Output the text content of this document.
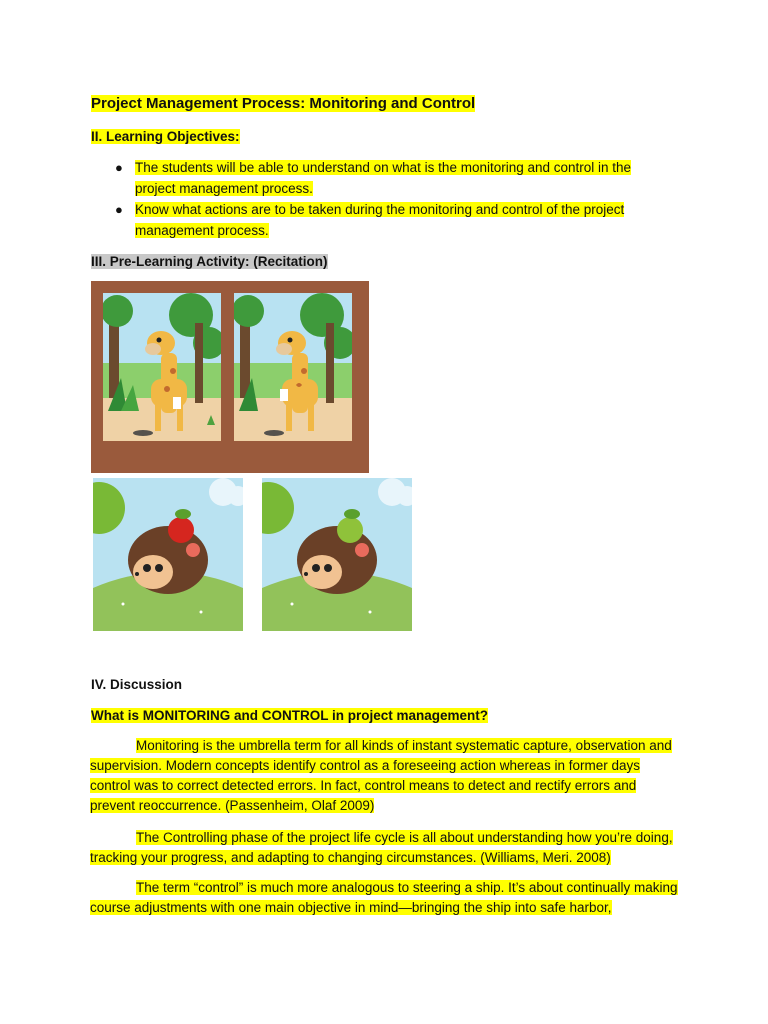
Project Management Process: Monitoring and Control
II. Learning Objectives:
● The students will be able to understand on what is the monitoring and control in the project management process.
● Know what actions are to be taken during the monitoring and control of the project management process.
III. Pre-Learning Activity: (Recitation)
IV. Discussion
What is MONITORING and CONTROL in project management?

Monitoring is the umbrella term for all kinds of instant systematic capture, observation and supervision. Modern concepts identify control as a foreseeing action whereas in former days control was to correct detected errors. In fact, control means to detect and rectify errors and prevent reoccurrence. (Passenheim, Olaf 2009)

The Controlling phase of the project life cycle is all about understanding how you’re doing, tracking your progress, and adapting to changing circumstances. (Williams, Meri. 2008)

The term “control” is much more analogous to steering a ship. It’s about continually making course adjustments with one main objective in mind—bringing the ship into safe harbor,
